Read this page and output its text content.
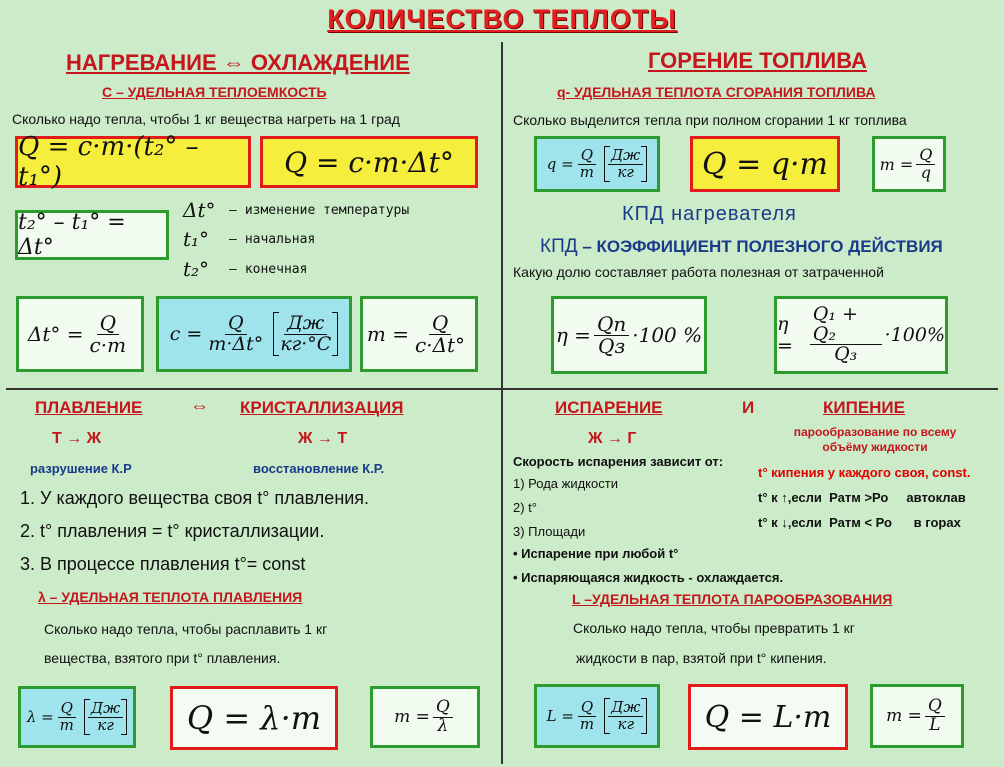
КОЛИЧЕСТВО ТЕПЛОТЫ
НАГРЕВАНИЕ ⇔ ОХЛАЖДЕНИЕ
С – УДЕЛЬНАЯ ТЕПЛОЕМКОСТЬ
Сколько надо тепла, чтобы 1 кг вещества нагреть на 1 град
Q = c·m·(t₂° – t₁°)	Q = c·m·Δt°
t₂° – t₁° = Δt°
Δt°	— изменение температуры
t₁°	— начальная
t₂°	— конечная
$\Delta t^\circ = \frac{Q}{c\cdot m}$ $c = \frac{Q}{m\cdot\Delta t^\circ} \frac{Дж}{кг\cdot^\circ C}$ $m = \frac{Q}{c\cdot\Delta t^\circ}$
ГОРЕНИЕ ТОПЛИВА
q- УДЕЛЬНАЯ ТЕПЛОТА СГОРАНИЯ ТОПЛИВА
Сколько выделится тепла при полном сгорании 1 кг топлива
$q = \frac{Q}{m} \frac{Дж}{кг}$	Q = q·m	$m = \frac{Q}{q}$
КПД нагревателя
КПД – КОЭФФИЦИЕНТ ПОЛЕЗНОГО ДЕЙСТВИЯ
Какую долю составляет работа полезная от затраченной
$\eta = \frac{Qп}{Qз} \cdot 100$ %	$\eta = \frac{\text{Q₁ + Q₂}}{\text{Q₃}} \cdot 100\%$
ПЛАВЛЕНИЕ	⇔ КРИСТАЛЛИЗАЦИЯ
Т → Ж	Ж → Т
разрушение К.Р	восстановление К.Р.
1. У каждого вещества своя t° плавления.
2. t° плавления = t° кристаллизации.
3. В процессе плавления t°= const
λ – УДЕЛЬНАЯ ТЕПЛОТА ПЛАВЛЕНИЯ
Сколько надо тепла, чтобы расплавить 1 кг
вещества, взятого при t° плавления.
$\lambda = \frac{Q}{m} \frac{Дж}{кг}$	Q = λ·m	$m = \frac{Q}{\lambda}$
ИСПАРЕНИЕ	И	КИПЕНИЕ
Ж → Г	парообразование по всему объёму жидкости
Скорость испарения зависит от:
1) Рода жидкости
2) t°
3) Площади
• Испарение при любой t°
• Испаряющаяся жидкость - охлаждается.
t° кипения у каждого своя, const.
t° к ↑,если  Ратм >Ро     автоклав
t° к ↓,если  Ратм < Ро      в горах
L –УДЕЛЬНАЯ ТЕПЛОТА ПАРООБРАЗОВАНИЯ
Сколько надо тепла, чтобы превратить 1 кг
жидкости в пар, взятой при t° кипения.
$L = \frac{Q}{m} \frac{Дж}{кг}$	Q = L·m	$m = \frac{Q}{L}$
